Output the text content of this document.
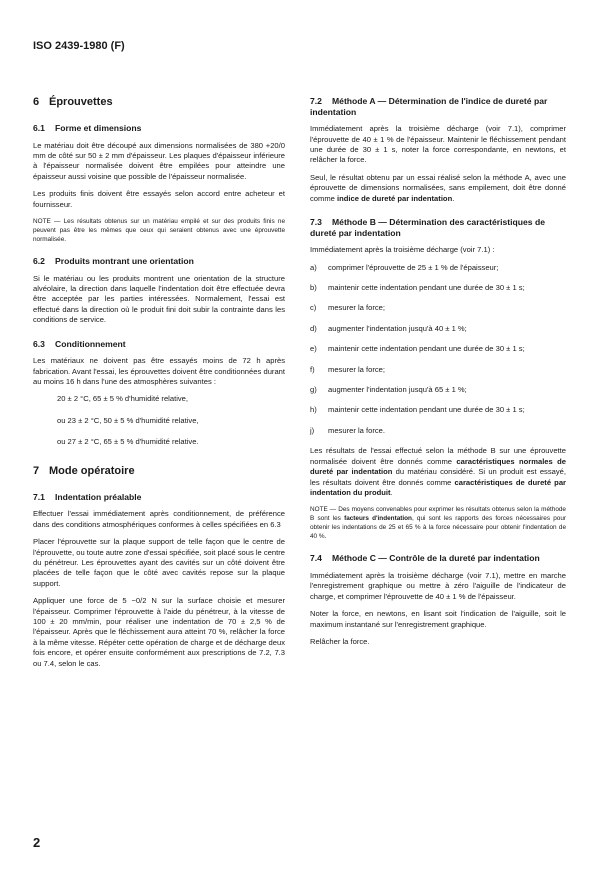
ISO 2439-1980 (F)
6 Éprouvettes
6.1 Forme et dimensions

Le matériau doit être découpé aux dimensions normalisées de 380 +20/0 mm de côté sur 50 ± 2 mm d'épaisseur. Les plaques d'épaisseur inférieure à l'épaisseur normalisée doivent être empilées pour atteindre une épaisseur aussi voisine que possible de l'épaisseur normalisée.

Les produits finis doivent être essayés selon accord entre acheteur et fournisseur.

NOTE — Les résultats obtenus sur un matériau empilé et sur des produits finis ne peuvent pas être les mêmes que ceux qui seraient obtenus avec une éprouvette normalisée.
6.2 Produits montrant une orientation

Si le matériau ou les produits montrent une orientation de la structure alvéolaire, la direction dans laquelle l'indentation doit être effectuée devra être acceptée par les parties intéressées. Normalement, l'essai est effectué dans la direction où le produit fini doit subir la contrainte dans les conditions de service.

6.3 Conditionnement

Les matériaux ne doivent pas être essayés moins de 72 h après fabrication. Avant l'essai, les éprouvettes doivent être conditionnées durant au moins 16 h dans l'une des atmosphères suivantes :

20 ± 2 °C, 65 ± 5 % d'humidité relative,
ou 23 ± 2 °C, 50 ± 5 % d'humidité relative,
ou 27 ± 2 °C, 65 ± 5 % d'humidité relative.
7 Mode opératoire
7.1 Indentation préalable

Effectuer l'essai immédiatement après conditionnement, de préférence dans des conditions atmosphériques conformes à celles spécifiées en 6.3

Placer l'éprouvette sur la plaque support de telle façon que le centre de l'éprouvette, ou toute autre zone d'essai spécifiée, soit placé sous le centre du pénétreur. Les éprouvettes ayant des cavités sur un côté doivent être placées de telle façon que le côté avec cavités repose sur la plaque support.

Appliquer une force de 5 −0/2 N sur la surface choisie et mesurer l'épaisseur. Comprimer l'éprouvette à l'aide du pénétreur, à la vitesse de 100 ± 20 mm/min, pour réaliser une indentation de 70 ± 2,5 % de l'épaisseur. Après que le fléchissement aura atteint 70 %, relâcher la force à la même vitesse. Répéter cette opération de charge et de décharge deux fois encore, et opérer ensuite conformément aux prescriptions de 7.2, 7.3 ou 7.4, selon le cas.

7.2 Méthode A — Détermination de l'indice de dureté par indentation

Immédiatement après la troisième décharge (voir 7.1), comprimer l'éprouvette de 40 ± 1 % de l'épaisseur. Maintenir le fléchissement pendant une durée de 30 ± 1 s, noter la force correspondante, en newtons, et relâcher la force.

Seul, le résultat obtenu par un essai réalisé selon la méthode A, avec une éprouvette de dimensions normalisées, sans empilement, doit être donné comme indice de dureté par indentation.

7.3 Méthode B — Détermination des caractéristiques de dureté par indentation

Immédiatement après la troisième décharge (voir 7.1) :

a)	comprimer l'éprouvette de 25 ± 1 % de l'épaisseur;
b)	maintenir cette indentation pendant une durée de 30 ± 1 s;
c)	mesurer la force;
d)	augmenter l'indentation jusqu'à 40 ± 1 %;
e)	maintenir cette indentation pendant une durée de 30 ± 1 s;
f)	mesurer la force;
g)	augmenter l'indentation jusqu'à 65 ± 1 %;
h)	maintenir cette indentation pendant une durée de 30 ± 1 s;
j)	mesurer la force.

Les résultats de l'essai effectué selon la méthode B sur une éprouvette normalisée doivent être donnés comme caractéristiques normales de dureté par indentation du matériau considéré. Si un produit est essayé, les résultats doivent être donnés comme caractéristiques de dureté par indentation du produit.

NOTE — Des moyens convenables pour exprimer les résultats obtenus selon la méthode B sont les facteurs d'indentation, qui sont les rapports des forces nécessaires pour obtenir les indentations de 25 et 65 % à la force nécessaire pour obtenir l'indentation de 40 %.
7.4 Méthode C — Contrôle de la dureté par indentation

Immédiatement après la troisième décharge (voir 7.1), mettre en marche l'enregistrement graphique ou mettre à zéro l'aiguille de l'indicateur de charge, et comprimer l'éprouvette de 40 ± 1 % de l'épaisseur.

Noter la force, en newtons, en lisant soit l'indication de l'aiguille, soit le maximum instantané sur l'enregistrement graphique.

Relâcher la force.

2
